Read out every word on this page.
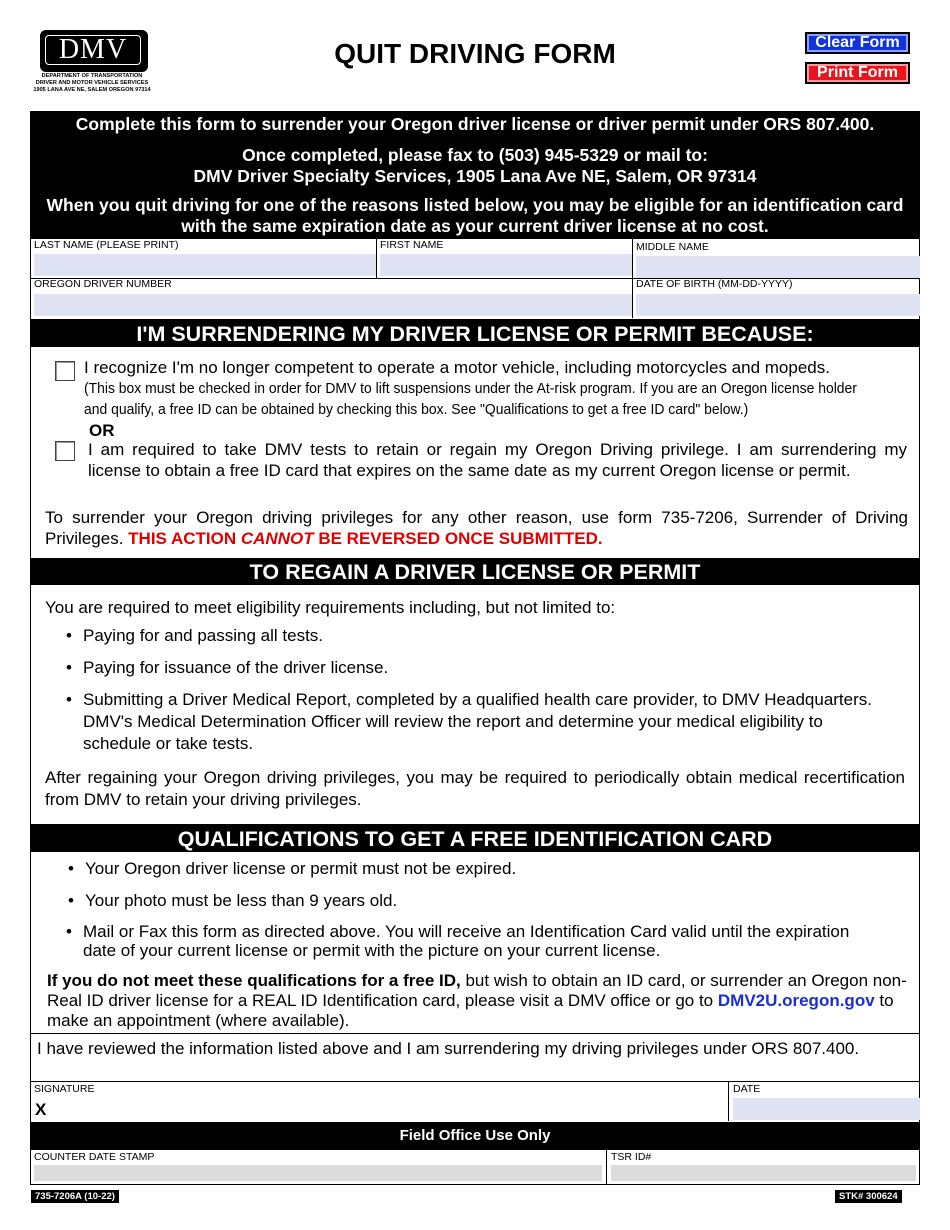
DMV
DEPARTMENT OF TRANSPORTATION
DRIVER AND MOTOR VEHICLE SERVICES
1905 LANA AVE NE, SALEM OREGON 97314
QUIT DRIVING FORM	Clear Form
Print Form

Complete this form to surrender your Oregon driver license or driver permit under ORS 807.400.

Once completed, please fax to (503) 945-5329 or mail to:

DMV Driver Specialty Services, 1905 Lana Ave NE, Salem, OR 97314

When you quit driving for one of the reasons listed below, you may be eligible for an identification card with the same expiration date as your current driver license at no cost.

LAST NAME (PLEASE PRINT)	FIRST NAME	MIDDLE NAME
OREGON DRIVER NUMBER	DATE OF BIRTH (MM-DD-YYYY)
I'M SURRENDERING MY DRIVER LICENSE OR PERMIT BECAUSE:
I recognize I'm no longer competent to operate a motor vehicle, including motorcycles and mopeds.
(This box must be checked in order for DMV to lift suspensions under the At-risk program. If you are an Oregon license holder and qualify, a free ID can be obtained by checking this box. See "Qualifications to get a free ID card" below.)
OR
I am required to take DMV tests to retain or regain my Oregon Driving privilege. I am surrendering my license to obtain a free ID card that expires on the same date as my current Oregon license or permit.
To surrender your Oregon driving privileges for any other reason, use form 735-7206, Surrender of Driving Privileges. THIS ACTION CANNOT BE REVERSED ONCE SUBMITTED.
TO REGAIN A DRIVER LICENSE OR PERMIT
You are required to meet eligibility requirements including, but not limited to:
• Paying for and passing all tests.
• Paying for issuance of the driver license.
• Submitting a Driver Medical Report, completed by a qualified health care provider, to DMV Headquarters. DMV's Medical Determination Officer will review the report and determine your medical eligibility to schedule or take tests.
After regaining your Oregon driving privileges, you may be required to periodically obtain medical recertification from DMV to retain your driving privileges.
QUALIFICATIONS TO GET A FREE IDENTIFICATION CARD
• Your Oregon driver license or permit must not be expired.
• Your photo must be less than 9 years old.
• Mail or Fax this form as directed above. You will receive an Identification Card valid until the expiration date of your current license or permit with the picture on your current license.
If you do not meet these qualifications for a free ID, but wish to obtain an ID card, or surrender an Oregon non-Real ID driver license for a REAL ID Identification card, please visit a DMV office or go to DMV2U.oregon.gov to make an appointment (where available).
I have reviewed the information listed above and I am surrendering my driving privileges under ORS 807.400.
SIGNATURE
X
DATE
Field Office Use Only
COUNTER DATE STAMP	TSR ID#
735-7206A (10-22)	STK# 300624
